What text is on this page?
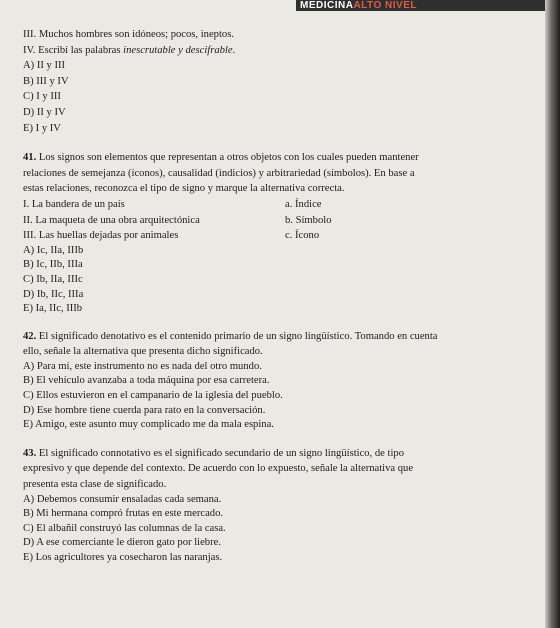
MEDICINAALTO NIVEL
III. Muchos hombres son idóneos; pocos, ineptos.
IV. Escribí las palabras inescrutable y descifrable.
A) II y III
B) III y IV
C) I y III
D) II y IV
E) I y IV
41. Los signos son elementos que representan a otros objetos con los cuales pueden mantener
relaciones de semejanza (íconos), causalidad (indicios) y arbitrariedad (símbolos). En base a
estas relaciones, reconozca el tipo de signo y marque la alternativa correcta.
I. La bandera de un país	a. Índice
II. La maqueta de una obra arquitectónica	b. Símbolo
III. Las huellas dejadas por animales	c. Ícono
A) Ic, IIa, IIIb
B) Ic, IIb, IIIa
C) Ib, IIa, IIIc
D) Ib, IIc, IIIa
E) Ia, IIc, IIIb
42. El significado denotativo es el contenido primario de un signo lingüístico. Tomando en cuenta
ello, señale la alternativa que presenta dicho significado.
A) Para mí, este instrumento no es nada del otro mundo.
B) El vehículo avanzaba a toda máquina por esa carretera.
C) Ellos estuvieron en el campanario de la iglesia del pueblo.
D) Ese hombre tiene cuerda para rato en la conversación.
E) Amigo, este asunto muy complicado me da mala espina.
43. El significado connotativo es el significado secundario de un signo lingüístico, de tipo
expresivo y que depende del contexto. De acuerdo con lo expuesto, señale la alternativa que
presenta esta clase de significado.
A) Debemos consumir ensaladas cada semana.
B) Mi hermana compró frutas en este mercado.
C) El albañil construyó las columnas de la casa.
D) A ese comerciante le dieron gato por liebre.
E) Los agricultores ya cosecharon las naranjas.
